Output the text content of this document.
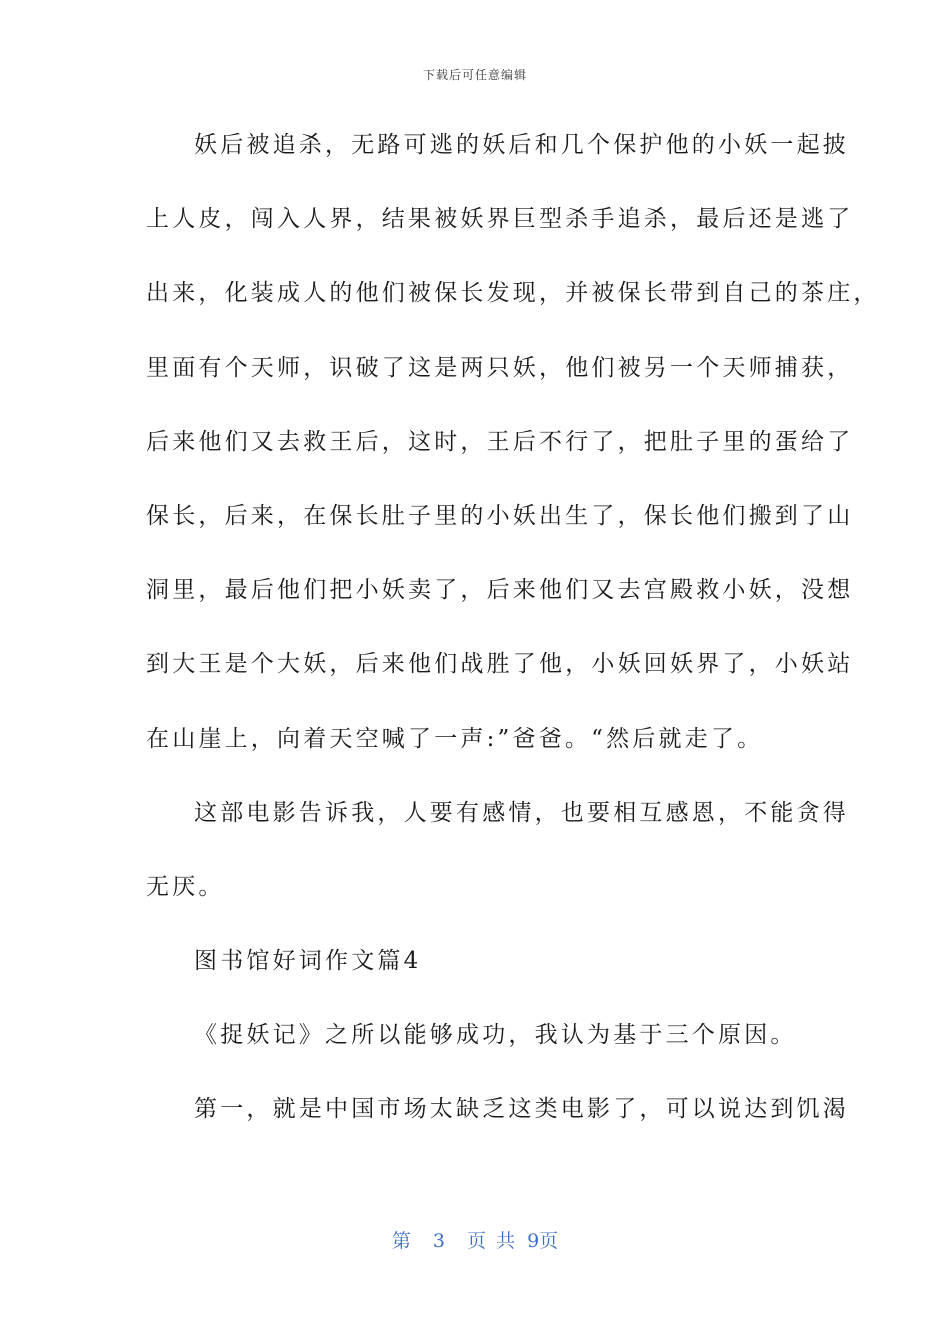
下载后可任意编辑
妖后被追杀，无路可逃的妖后和几个保护他的小妖一起披
上人皮，闯入人界，结果被妖界巨型杀手追杀，最后还是逃了
出来，化装成人的他们被保长发现，并被保长带到自己的茶庄，
里面有个天师，识破了这是两只妖，他们被另一个天师捕获，
后来他们又去救王后，这时，王后不行了，把肚子里的蛋给了
保长，后来，在保长肚子里的小妖出生了，保长他们搬到了山
洞里，最后他们把小妖卖了，后来他们又去宫殿救小妖，没想
到大王是个大妖，后来他们战胜了他，小妖回妖界了，小妖站
在山崖上，向着天空喊了一声:”爸爸。“然后就走了。
这部电影告诉我，人要有感情，也要相互感恩，不能贪得
无厌。
图书馆好词作文篇4
《捉妖记》之所以能够成功，我认为基于三个原因。
第一，就是中国市场太缺乏这类电影了，可以说达到饥渴
第 3 页 共 9页
